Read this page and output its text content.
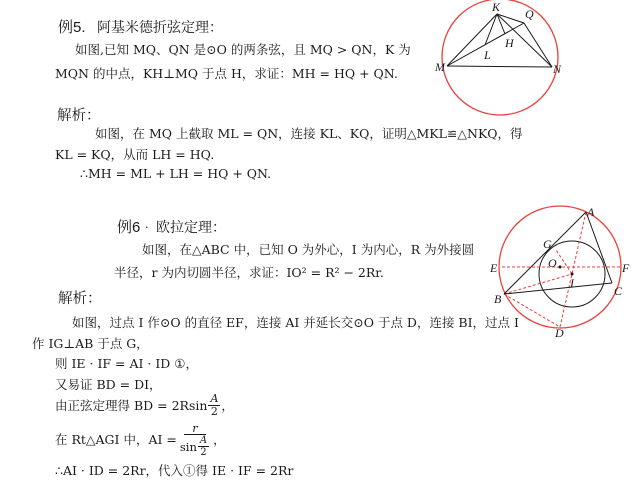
例5. 阿基米德折弦定理：
如图,已知 MQ、QN 是⊙O 的两条弦，且 MQ > QN，K 为
MQN 的中点，KH⊥MQ 于点 H，求证：MH = HQ + QN.
解析：
如图，在 MQ 上截取 ML = QN，连接 KL、KQ，证明△MKL≌△NKQ，得
KL = KQ，从而 LH = HQ.
∴MH = ML + LH = HQ + QN.
K Q
H
L
M	N
例6 . 欧拉定理：
如图，在△ABC 中，已知 O 为外心，I 为内心，R 为外接圆
半径，r 为内切圆半径，求证：IO² = R² − 2Rr.
解析：
如图，过点 I 作⊙O 的直径 EF，连接 AI 并延长交⊙O 于点 D，连接 BI，过点 I
作 IG⊥AB 于点 G，
则 IE · IF = AI · ID ①，
又易证 BD = DI，
由正弦定理得 BD = $2Rsin \frac{A}{2}$ ，
在 Rt△AGI 中，AI = $\frac{r}{\sin \frac{A}{2}}$ ，
∴AI · ID = 2Rr，代入①得 IE · IF = 2Rr
A
B
C
D
E	F
G
O
I
